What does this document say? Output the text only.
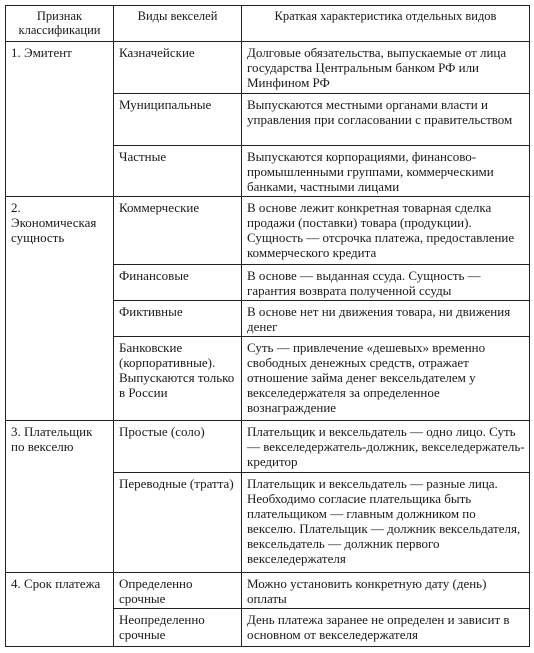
Признак классификации	Виды векселей	Краткая характеристика отдельных видов
1. Эмитент	Казначейские	Долговые обязательства, выпускаемые от лица государства Центральным банком РФ или Минфином РФ
	Муниципальные	Выпускаются местными органами власти и управления при согласовании с правительством
	Частные	Выпускаются корпорациями, финансово-промышленными группами, коммерческими банками, частными лицами
2. Экономическая сущность	Коммерческие	В основе лежит конкретная товарная сделка продажи (поставки) товара (продукции). Сущность — отсрочка платежа, предоставление коммерческого кредита
	Финансовые	В основе — выданная ссуда. Сущность — гарантия возврата полученной ссуды
	Фиктивные	В основе нет ни движения товара, ни движения денег
	Банковские (корпоративные). Выпускаются только в России	Суть — привлечение «дешевых» временно свободных денежных средств, отражает отношение займа денег вексельдателем у векселедержателя за определенное вознаграждение
3. Плательщик по векселю	Простые (соло)	Плательщик и вексельдатель — одно лицо. Суть — векселедержатель-должник, векселедержатель-кредитор
	Переводные (тратта)	Плательщик и вексельдатель — разные лица. Необходимо согласие плательщика быть плательщиком — главным должником по векселю. Плательщик — должник вексельдателя, вексельдатель — должник первого векселедержателя
4. Срок платежа	Определенно срочные	Можно установить конкретную дату (день) оплаты
	Неопределенно срочные	День платежа заранее не определен и зависит в основном от векселедержателя
